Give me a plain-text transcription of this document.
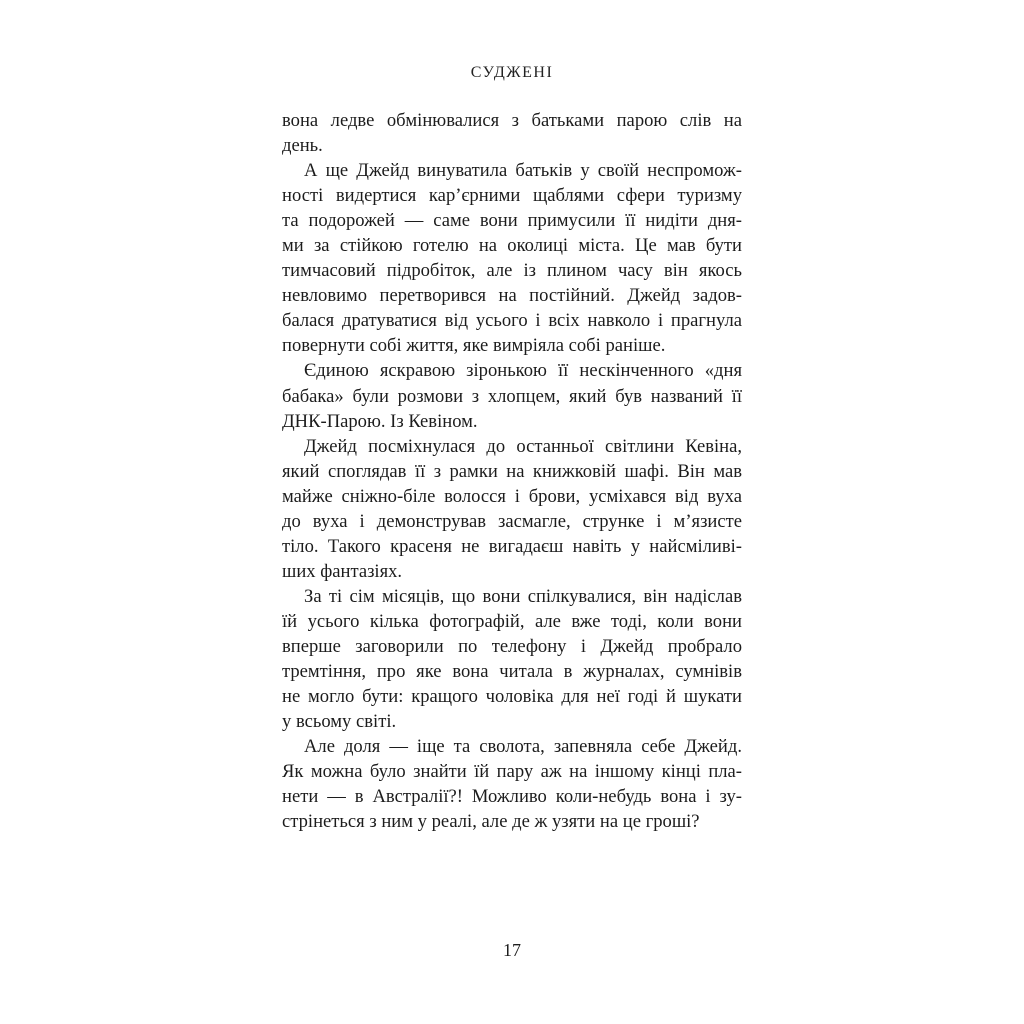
СУДЖЕНІ
вона ледве обмінювалися з батьками парою слів на
день.
А ще Джейд винуватила батьків у своїй неспромож-
ності видертися кар’єрними щаблями сфери туризму
та подорожей — саме вони примусили її нидіти дня-
ми за стійкою готелю на околиці міста. Це мав бути
тимчасовий підробіток, але із плином часу він якось
невловимо перетворився на постійний. Джейд задов-
балася дратуватися від усього і всіх навколо і прагнула
повернути собі життя, яке вимріяла собі раніше.
Єдиною яскравою зіронькою її нескінченного «дня
бабака» були розмови з хлопцем, який був названий її
ДНК-Парою. Із Кевіном.
Джейд посміхнулася до останньої світлини Кевіна,
який споглядав її з рамки на книжковій шафі. Він мав
майже сніжно-біле волосся і брови, усміхався від вуха
до вуха і демонстрував засмагле, струнке і м’язисте
тіло. Такого красеня не вигадаєш навіть у найсміливі-
ших фантазіях.
За ті сім місяців, що вони спілкувалися, він надіслав
їй усього кілька фотографій, але вже тоді, коли вони
вперше заговорили по телефону і Джейд пробрало
тремтіння, про яке вона читала в журналах, сумнівів
не могло бути: кращого чоловіка для неї годі й шукати
у всьому світі.
Але доля — іще та сволота, запевняла себе Джейд.
Як можна було знайти їй пару аж на іншому кінці пла-
нети — в Австралії?! Можливо коли-небудь вона і зу-
стрінеться з ним у реалі, але де ж узяти на це гроші?
17
